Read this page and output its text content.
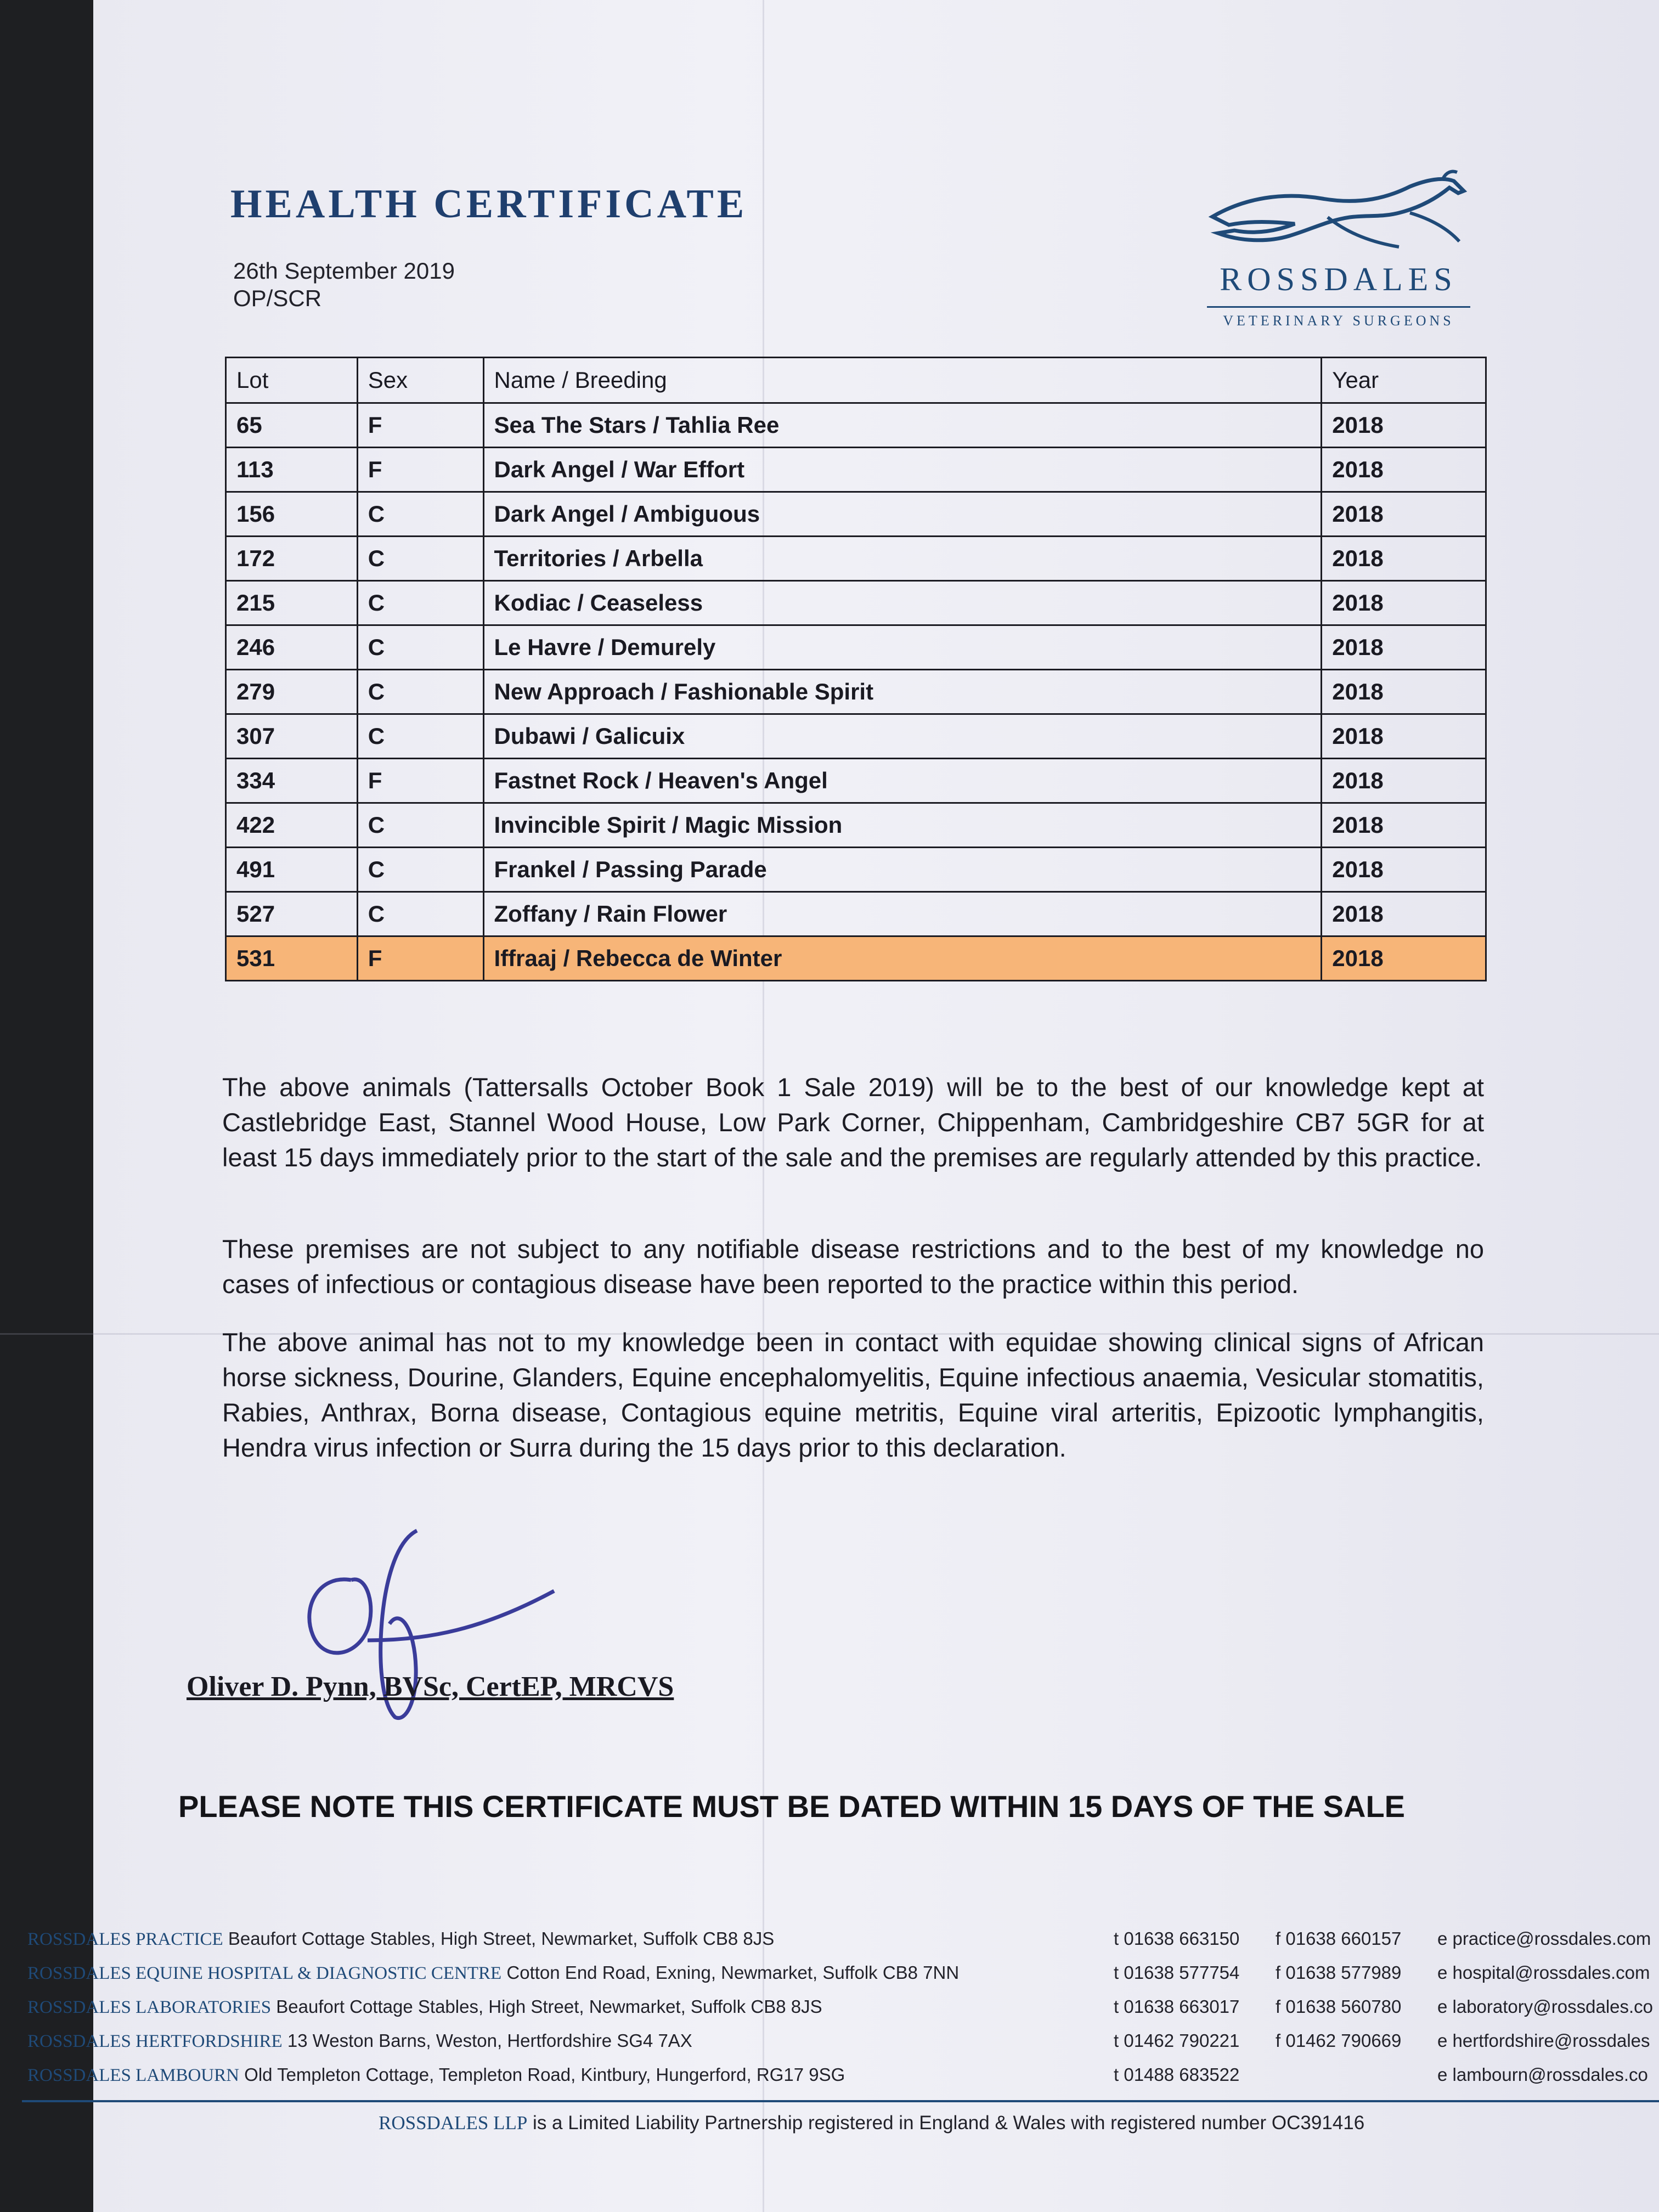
HEALTH CERTIFICATE
26th September 2019
OP/SCR
ROSSDALES
VETERINARY SURGEONS
Lot	Sex	Name / Breeding	Year
65	F	Sea The Stars / Tahlia Ree	2018
113	F	Dark Angel / War Effort	2018
156	C	Dark Angel / Ambiguous	2018
172	C	Territories / Arbella	2018
215	C	Kodiac / Ceaseless	2018
246	C	Le Havre / Demurely	2018
279	C	New Approach / Fashionable Spirit	2018
307	C	Dubawi / Galicuix	2018
334	F	Fastnet Rock / Heaven's Angel	2018
422	C	Invincible Spirit / Magic Mission	2018
491	C	Frankel / Passing Parade	2018
527	C	Zoffany / Rain Flower	2018
531	F	Iffraaj / Rebecca de Winter	2018
The above animals (Tattersalls October Book 1 Sale 2019) will be to the best of our knowledge kept at Castlebridge East, Stannel Wood House, Low Park Corner, Chippenham, Cambridgeshire CB7 5GR for at least 15 days immediately prior to the start of the sale and the premises are regularly attended by this practice.
These premises are not subject to any notifiable disease restrictions and to the best of my knowledge no cases of infectious or contagious disease have been reported to the practice within this period.
The above animal has not to my knowledge been in contact with equidae showing clinical signs of African horse sickness, Dourine, Glanders, Equine encephalomyelitis, Equine infectious anaemia, Vesicular stomatitis, Rabies, Anthrax, Borna disease, Contagious equine metritis, Equine viral arteritis, Epizootic lymphangitis, Hendra virus infection or Surra during the 15 days prior to this declaration.
Oliver D. Pynn, BVSc, CertEP, MRCVS
PLEASE NOTE THIS CERTIFICATE MUST BE DATED WITHIN 15 DAYS OF THE SALE
ROSSDALES PRACTICE Beaufort Cottage Stables, High Street, Newmarket, Suffolk CB8 8JS	t 01638 663150 f 01638 660157 e practice@rossdales.com
ROSSDALES EQUINE HOSPITAL & DIAGNOSTIC CENTRE Cotton End Road, Exning, Newmarket, Suffolk CB8 7NN	t 01638 577754 f 01638 577989 e hospital@rossdales.com
ROSSDALES LABORATORIES Beaufort Cottage Stables, High Street, Newmarket, Suffolk CB8 8JS	t 01638 663017 f 01638 560780 e laboratory@rossdales.co
ROSSDALES HERTFORDSHIRE 13 Weston Barns, Weston, Hertfordshire SG4 7AX	t 01462 790221 f 01462 790669 e hertfordshire@rossdales
ROSSDALES LAMBOURN Old Templeton Cottage, Templeton Road, Kintbury, Hungerford, RG17 9SG	t 01488 683522	e lambourn@rossdales.co
ROSSDALES LLP is a Limited Liability Partnership registered in England & Wales with registered number OC391416
